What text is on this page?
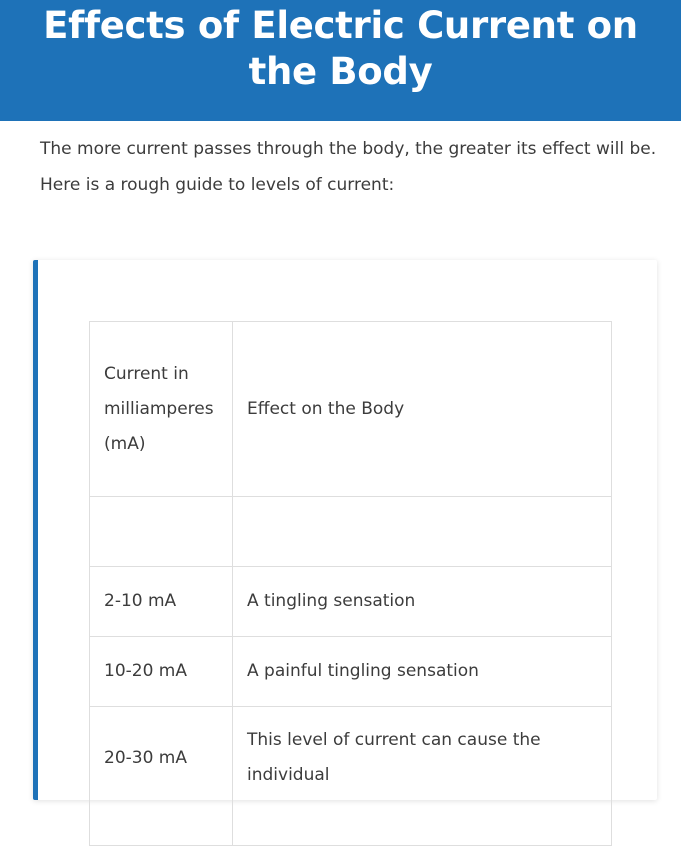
Effects of Electric Current on the Body

The more current passes through the body, the greater its effect will be. Here is a rough guide to levels of current:

Current in milliamperes (mA)	Effect on the Body

2-10 mA	A tingling sensation
10-20 mA	A painful tingling sensation
20-30 mA	This level of current can cause the individual
